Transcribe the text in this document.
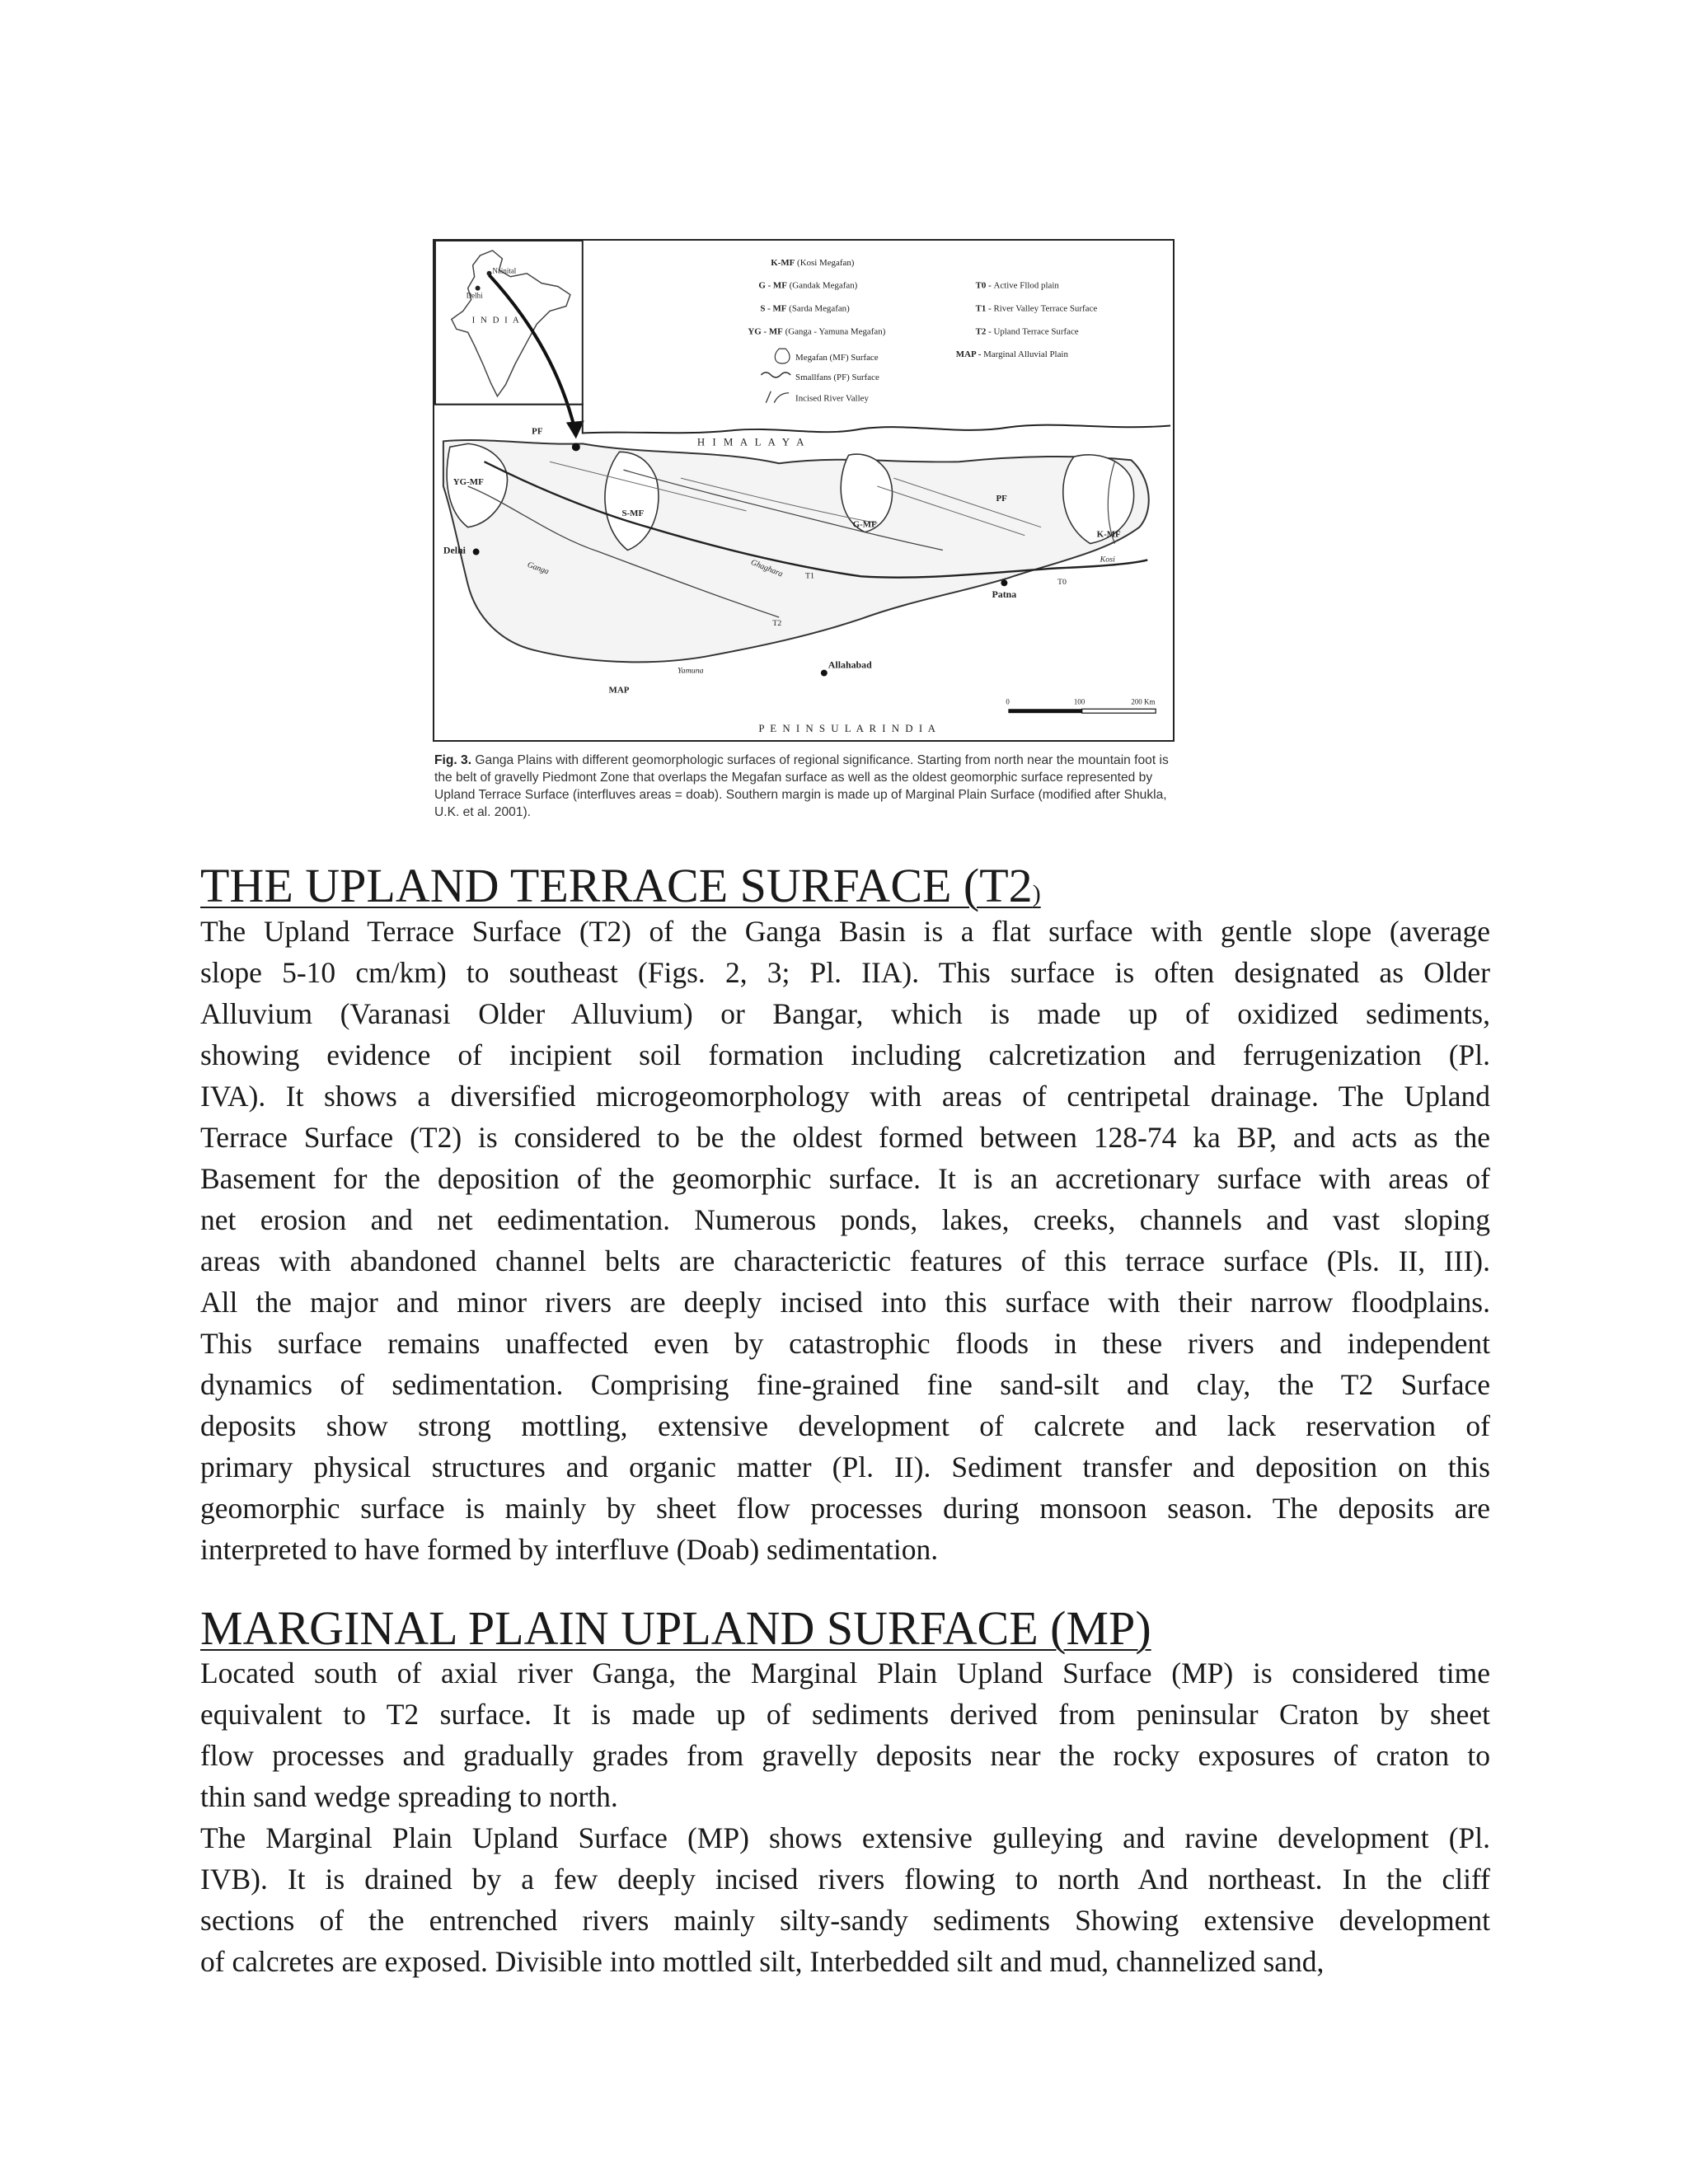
Nainital
Delhi
I N D I A
K-MF (Kosi Megafan)
G - MF (Gandak Megafan)
S - MF (Sarda Megafan)
YG - MF (Ganga - Yamuna Megafan)
Megafan (MF) Surface
Smallfans (PF) Surface
Incised River Valley
T0 - Active Fllod plain
T1 - River Valley Terrace Surface
T2 - Upland Terrace Surface
MAP - Marginal Alluvial Plain
H I M A L A Y A
Delhi
Patna
Allahabad
YG-MF
S-MF
G-MF
K-MF
PF
PF
MAP
Ganga	Ghaghara
Yamuna
Kosi
T0
T1
T2
0	100	200 Km
P E N I N S U L A R I N D I A
Fig. 3. Ganga Plains with different geomorphologic surfaces of regional significance. Starting from north near the mountain foot is the belt of gravelly Piedmont Zone that overlaps the Megafan surface as well as the oldest geomorphic surface represented by Upland Terrace Surface (interfluves areas = doab). Southern margin is made up of Marginal Plain Surface (modified after Shukla, U.K. et al. 2001).
THE UPLAND TERRACE SURFACE (T2)
The Upland Terrace Surface (T2) of the Ganga Basin is a flat surface with gentle slope (average
slope 5-10 cm/km) to southeast (Figs. 2, 3; Pl. IIA). This surface is often designated as Older
Alluvium (Varanasi Older Alluvium) or Bangar, which is made up of oxidized sediments,
showing evidence of incipient soil formation including calcretization and ferrugenization (Pl.
IVA). It shows a diversified microgeomorphology with areas of centripetal drainage. The Upland
Terrace Surface (T2) is considered to be the oldest formed between 128-74 ka BP, and acts as the
Basement for the deposition of the geomorphic surface. It is an accretionary surface with areas of
net erosion and net eedimentation. Numerous ponds, lakes, creeks, channels and vast sloping
areas with abandoned channel belts are characterictic features of this terrace surface (Pls. II, III).
All the major and minor rivers are deeply incised into this surface with their narrow floodplains.
This surface remains unaffected even by catastrophic floods in these rivers and independent
dynamics of sedimentation. Comprising fine-grained fine sand-silt and clay, the T2 Surface
deposits show strong mottling, extensive development of calcrete and lack reservation of
primary physical structures and organic matter (Pl. II). Sediment transfer and deposition on this
geomorphic surface is mainly by sheet flow processes during monsoon season. The deposits are
interpreted to have formed by interfluve (Doab) sedimentation.
MARGINAL PLAIN UPLAND SURFACE (MP)
Located south of axial river Ganga, the Marginal Plain Upland Surface (MP) is considered time
equivalent to T2 surface. It is made up of sediments derived from peninsular Craton by sheet
flow processes and gradually grades from gravelly deposits near the rocky exposures of craton to
thin sand wedge spreading to north.
The Marginal Plain Upland Surface (MP) shows extensive gulleying and ravine development (Pl.
IVB). It is drained by a few deeply incised rivers flowing to north And northeast. In the cliff
sections of the entrenched rivers mainly silty-sandy sediments Showing extensive development
of calcretes are exposed. Divisible into mottled silt, Interbedded silt and mud, channelized sand,
